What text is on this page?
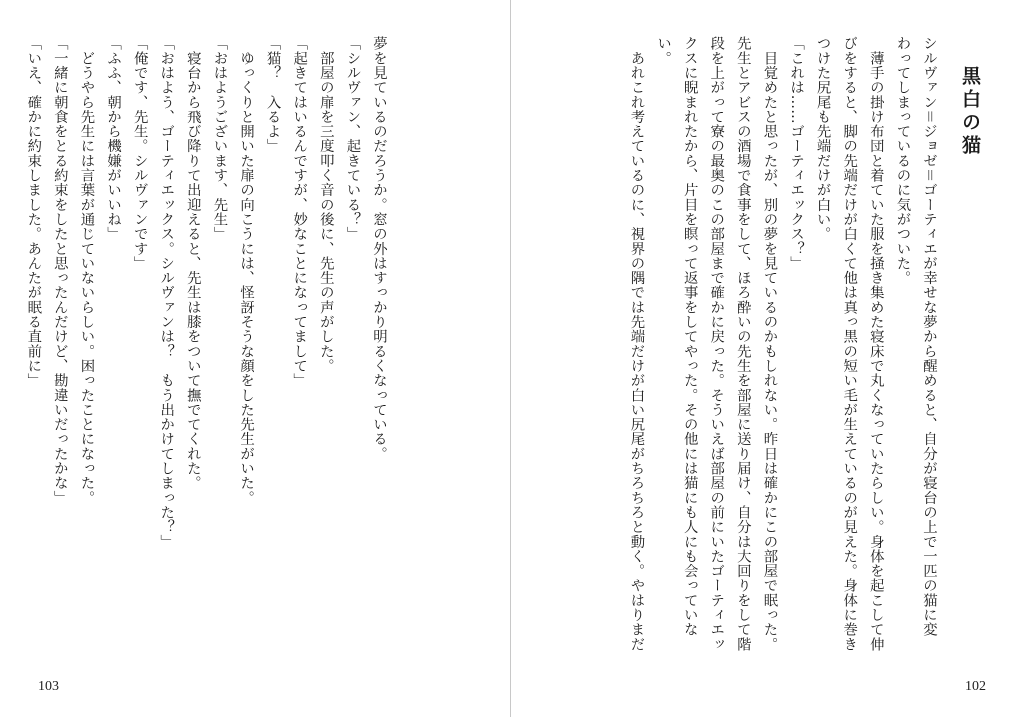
夢を見ているのだろうか。窓の外はすっかり明るくなっている。
「シルヴァン、起きている？」
　部屋の扉を三度叩く音の後に、先生の声がした。
「起きてはいるんですが、妙なことになってまして」
「猫？　入るよ」
　ゆっくりと開いた扉の向こうには、怪訝そうな顔をした先生がいた。
「おはようございます、先生」
　寝台から飛び降りて出迎えると、先生は膝をついて撫でてくれた。
「おはよう、ゴーティエックス。シルヴァンは？　もう出かけてしまった？」
「俺です、先生。シルヴァンです」
「ふふ、朝から機嫌がいいね」
　どうやら先生には言葉が通じていないらしい。困ったことになった。
「一緒に朝食をとる約束をしたと思ったんだけど、勘違いだったかな」
「いえ、確かに約束しました。あんたが眠る直前に」
103
黒白の猫
シルヴァン＝ジョゼ＝ゴーティエが幸せな夢から醒めると、自分が寝台の上で一匹の猫に変
わってしまっているのに気がついた。
　薄手の掛け布団と着ていた服を掻き集めた寝床で丸くなっていたらしい。身体を起こして伸
びをすると、脚の先端だけが白くて他は真っ黒の短い毛が生えているのが見えた。身体に巻き
つけた尻尾も先端だけが白い。
「これは……ゴーティエックス？」
　目覚めたと思ったが、別の夢を見ているのかもしれない。昨日は確かにこの部屋で眠った。
先生とアビスの酒場で食事をして、ほろ酔いの先生を部屋に送り届け、自分は大回りをして階
段を上がって寮の最奥のこの部屋まで確かに戻った。そういえば部屋の前にいたゴーティエッ
クスに睨まれたから、片目を瞑って返事をしてやった。その他には猫にも人にも会っていな
い。
　あれこれ考えているのに、視界の隅では先端だけが白い尻尾がちろちろと動く。やはりまだ
102
